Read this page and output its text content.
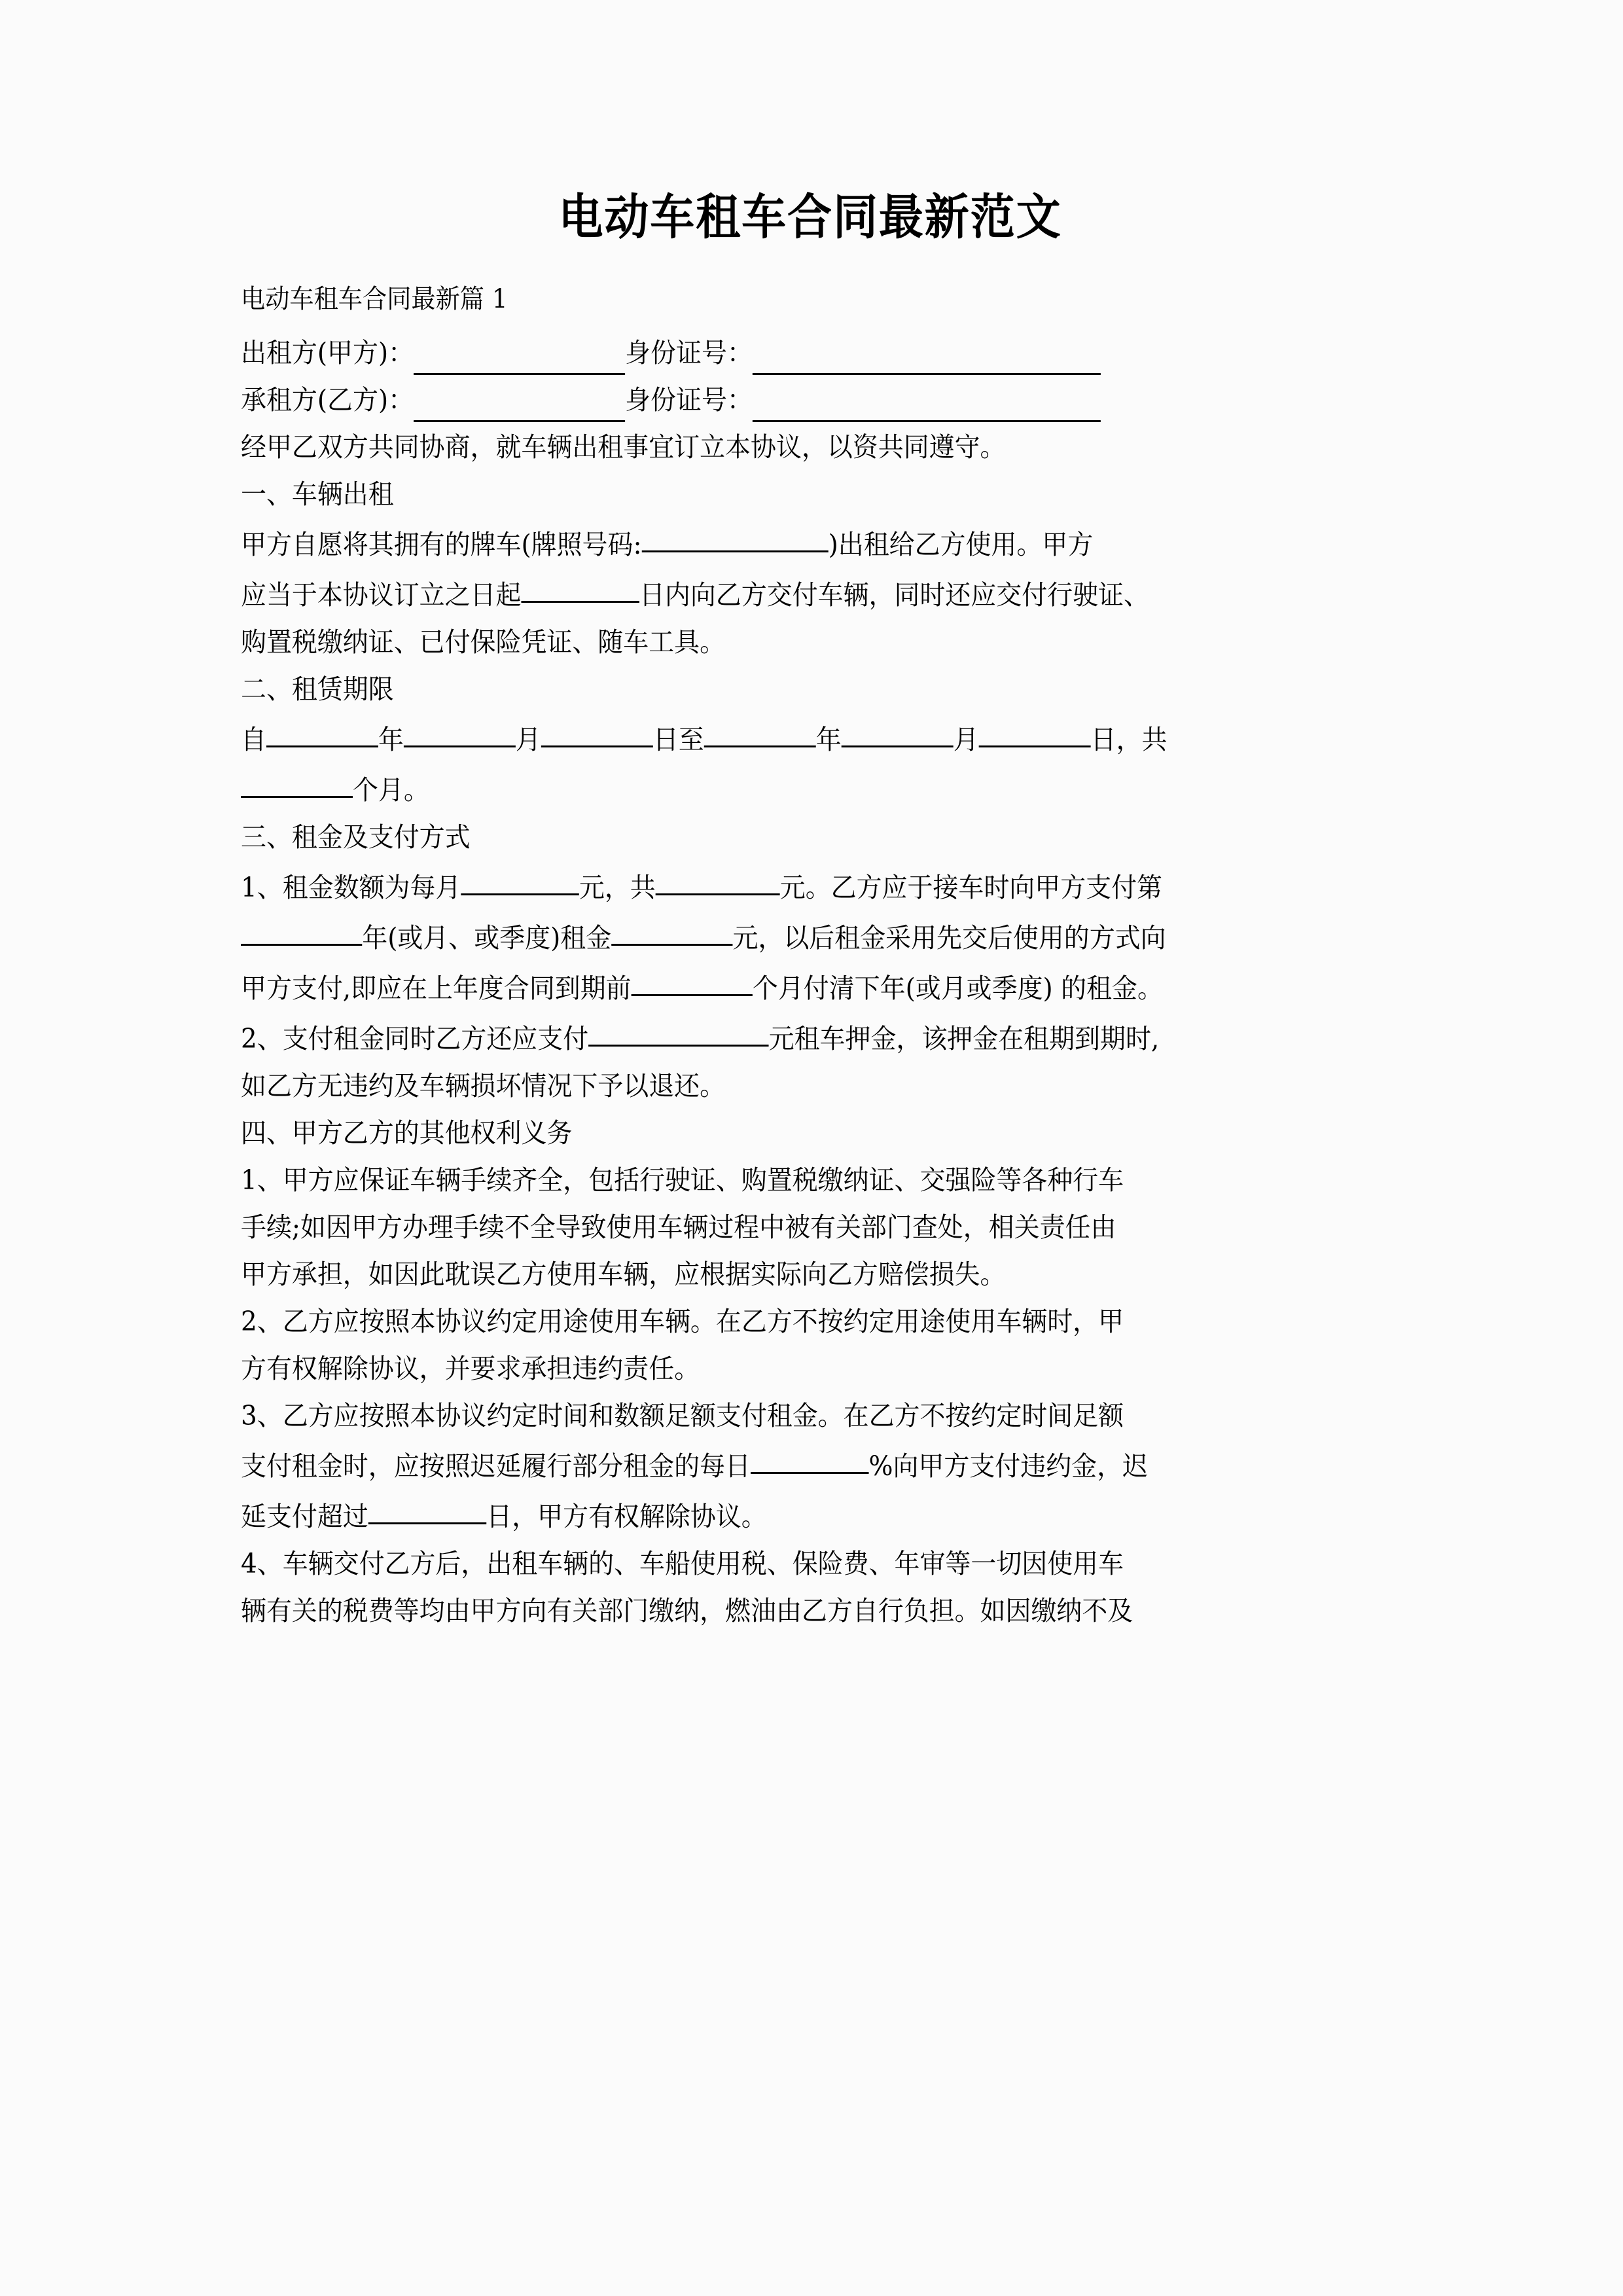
电动车租车合同最新范文
电动车租车合同最新篇 1
出租方(甲方)：	身份证号：
承租方(乙方)：	身份证号：
经甲乙双方共同协商，就车辆出租事宜订立本协议，以资共同遵守。
一、车辆出租
甲方自愿将其拥有的牌车(牌照号码:	)出租给乙方使用。甲方
应当于本协议订立之日起	日内向乙方交付车辆，同时还应交付行驶证、
购置税缴纳证、已付保险凭证、随车工具。
二、租赁期限
自	年	月	日至	年	月	日，共
个月。
三、租金及支付方式
1、租金数额为每月	元，共	元。乙方应于接车时向甲方支付第
年(或月、或季度)租金	元，以后租金采用先交后使用的方式向
甲方支付,即应在上年度合同到期前	个月付清下年(或月或季度) 的租金。
2、支付租金同时乙方还应支付	元租车押金，该押金在租期到期时,
如乙方无违约及车辆损坏情况下予以退还。
四、甲方乙方的其他权利义务
1、甲方应保证车辆手续齐全，包括行驶证、购置税缴纳证、交强险等各种行车
手续;如因甲方办理手续不全导致使用车辆过程中被有关部门查处，相关责任由
甲方承担，如因此耽误乙方使用车辆，应根据实际向乙方赔偿损失。
2、乙方应按照本协议约定用途使用车辆。在乙方不按约定用途使用车辆时，甲
方有权解除协议，并要求承担违约责任。
3、乙方应按照本协议约定时间和数额足额支付租金。在乙方不按约定时间足额
支付租金时，应按照迟延履行部分租金的每日	%向甲方支付违约金，迟
延支付超过	日，甲方有权解除协议。
4、车辆交付乙方后，出租车辆的、车船使用税、保险费、年审等一切因使用车
辆有关的税费等均由甲方向有关部门缴纳，燃油由乙方自行负担。如因缴纳不及
